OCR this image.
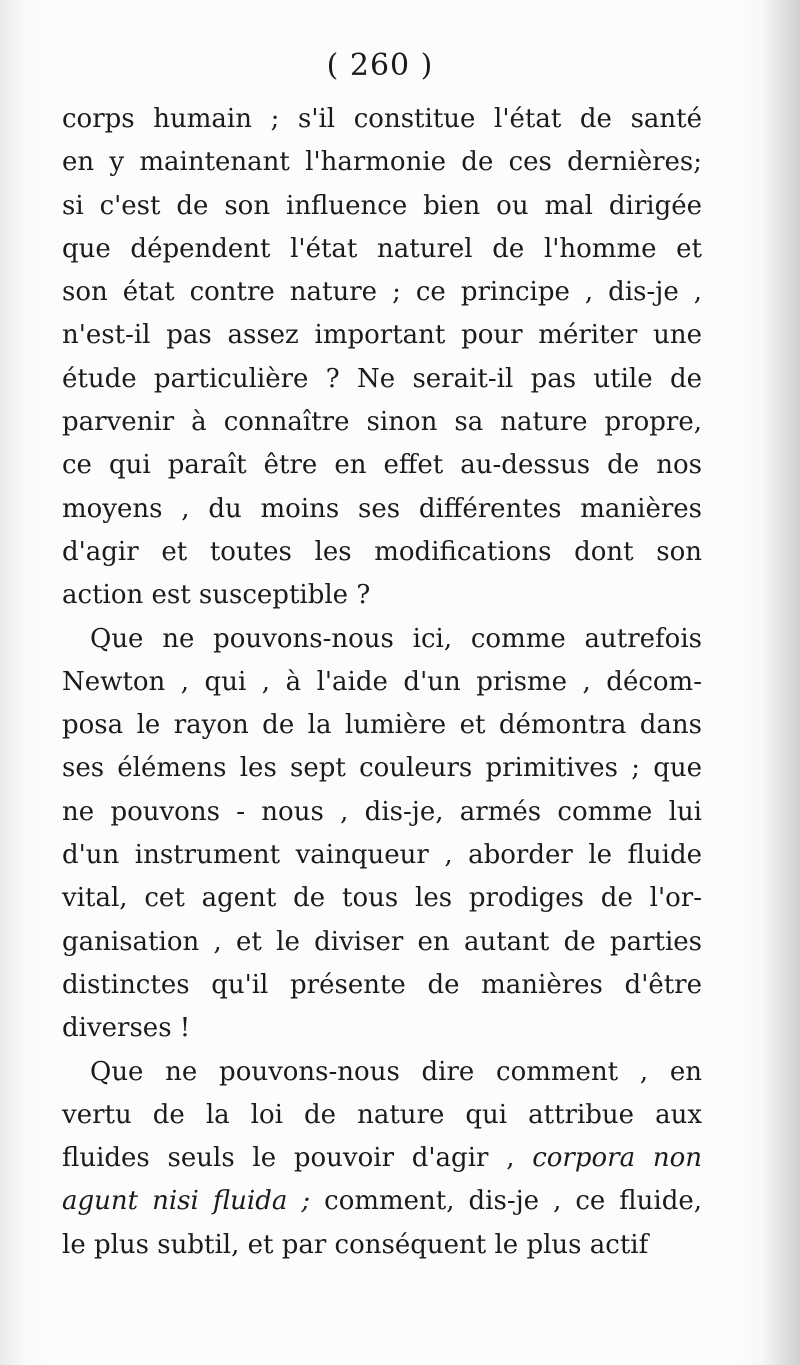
( 260 )
corps humain ; s'il constitue l'état de santé
en y maintenant l'harmonie de ces dernières;
si c'est de son influence bien ou mal dirigée
que dépendent l'état naturel de l'homme et
son état contre nature ; ce principe , dis-je ,
n'est-il pas assez important pour mériter une
étude particulière ? Ne serait-il pas utile de
parvenir à connaître sinon sa nature propre,
ce qui paraît être en effet au-dessus de nos
moyens , du moins ses différentes manières
d'agir et toutes les modifications dont son
action est susceptible ?
Que ne pouvons-nous ici, comme autrefois
Newton , qui , à l'aide d'un prisme , décom-
posa le rayon de la lumière et démontra dans
ses élémens les sept couleurs primitives ; que
ne pouvons - nous , dis-je, armés comme lui
d'un instrument vainqueur , aborder le fluide
vital, cet agent de tous les prodiges de l'or-
ganisation , et le diviser en autant de parties
distinctes qu'il présente de manières d'être
diverses !
Que ne pouvons-nous dire comment , en
vertu de la loi de nature qui attribue aux
fluides seuls le pouvoir d'agir , corpora non
agunt nisi fluida ; comment, dis-je , ce fluide,
le plus subtil, et par conséquent le plus actif
